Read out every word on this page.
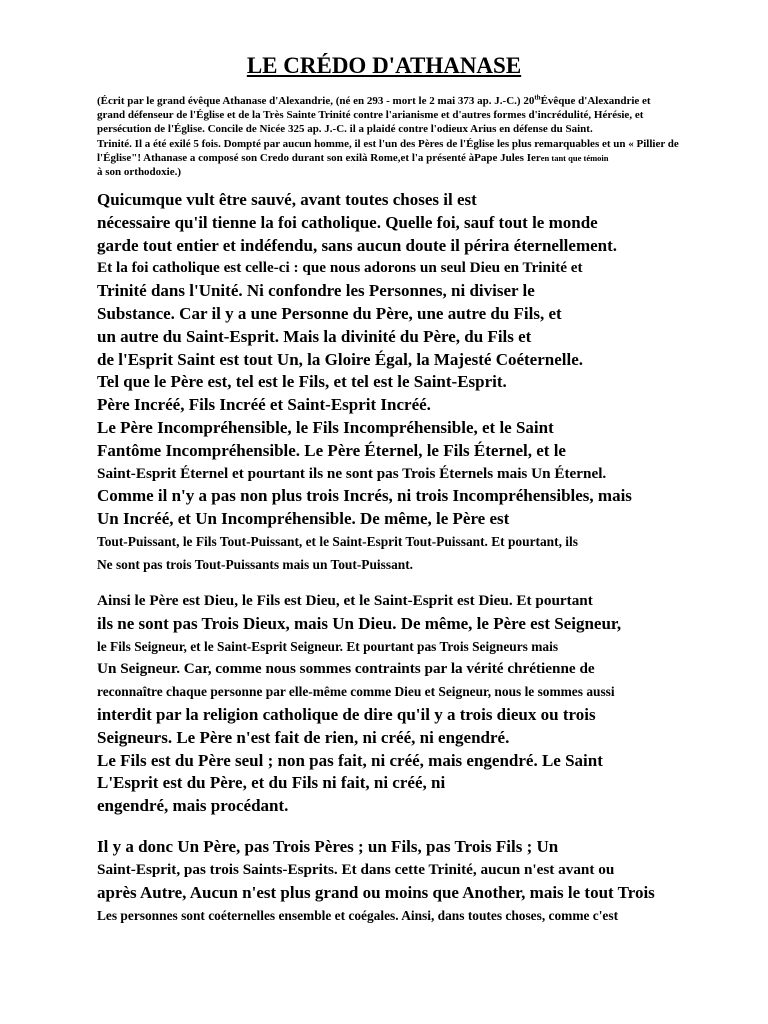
LE CRÉDO D'ATHANASE
(Écrit par le grand évêque Athanase d'Alexandrie, (né en 293 - mort le 2 mai 373 ap. J.-C.) 20thÉvêque d'Alexandrie et
grand défenseur de l'Église et de la Très Sainte Trinité contre l'arianisme et d'autres formes d'incrédulité, Hérésie, et
persécution de l'Église. Concile de Nicée 325 ap. J.-C. il a plaidé contre l'odieux Arius en défense du Saint.
Trinité. Il a été exilé 5 fois. Dompté par aucun homme, il est l'un des Pères de l'Église les plus remarquables et un « Pillier de
l'Église"! Athanase a composé son Credo durant son exilà Rome,et l'a présenté àPape Jules Ieren tant que témoin
à son orthodoxie.)
Quicumque vult être sauvé, avant toutes choses il est
nécessaire qu'il tienne la foi catholique. Quelle foi, sauf tout le monde
garde tout entier et indéfendu, sans aucun doute il périra éternellement.
Et la foi catholique est celle-ci : que nous adorons un seul Dieu en Trinité et
Trinité dans l'Unité. Ni confondre les Personnes, ni diviser le
Substance. Car il y a une Personne du Père, une autre du Fils, et
un autre du Saint-Esprit. Mais la divinité du Père, du Fils et
de l'Esprit Saint est tout Un, la Gloire Égal, la Majesté Coéternelle.
Tel que le Père est, tel est le Fils, et tel est le Saint-Esprit.
Père Incréé, Fils Incréé et Saint-Esprit Incréé.
Le Père Incompréhensible, le Fils Incompréhensible, et le Saint
Fantôme Incompréhensible. Le Père Éternel, le Fils Éternel, et le
Saint-Esprit Éternel et pourtant ils ne sont pas Trois Éternels mais Un Éternel.
Comme il n'y a pas non plus trois Incrés, ni trois Incompréhensibles, mais
Un Incréé, et Un Incompréhensible. De même, le Père est
Tout-Puissant, le Fils Tout-Puissant, et le Saint-Esprit Tout-Puissant. Et pourtant, ils
Ne sont pas trois Tout-Puissants mais un Tout-Puissant.
Ainsi le Père est Dieu, le Fils est Dieu, et le Saint-Esprit est Dieu. Et pourtant
ils ne sont pas Trois Dieux, mais Un Dieu. De même, le Père est Seigneur,
le Fils Seigneur, et le Saint-Esprit Seigneur. Et pourtant pas Trois Seigneurs mais
Un Seigneur. Car, comme nous sommes contraints par la vérité chrétienne de
reconnaître chaque personne par elle-même comme Dieu et Seigneur, nous le sommes aussi
interdit par la religion catholique de dire qu'il y a trois dieux ou trois
Seigneurs. Le Père n'est fait de rien, ni créé, ni engendré.
Le Fils est du Père seul ; non pas fait, ni créé, mais engendré. Le Saint
L'Esprit est du Père, et du Fils ni fait, ni créé, ni
engendré, mais procédant.
Il y a donc Un Père, pas Trois Pères ; un Fils, pas Trois Fils ; Un
Saint-Esprit, pas trois Saints-Esprits. Et dans cette Trinité, aucun n'est avant ou
après Autre, Aucun n'est plus grand ou moins que Another, mais le tout Trois
Les personnes sont coéternelles ensemble et coégales. Ainsi, dans toutes choses, comme c'est
